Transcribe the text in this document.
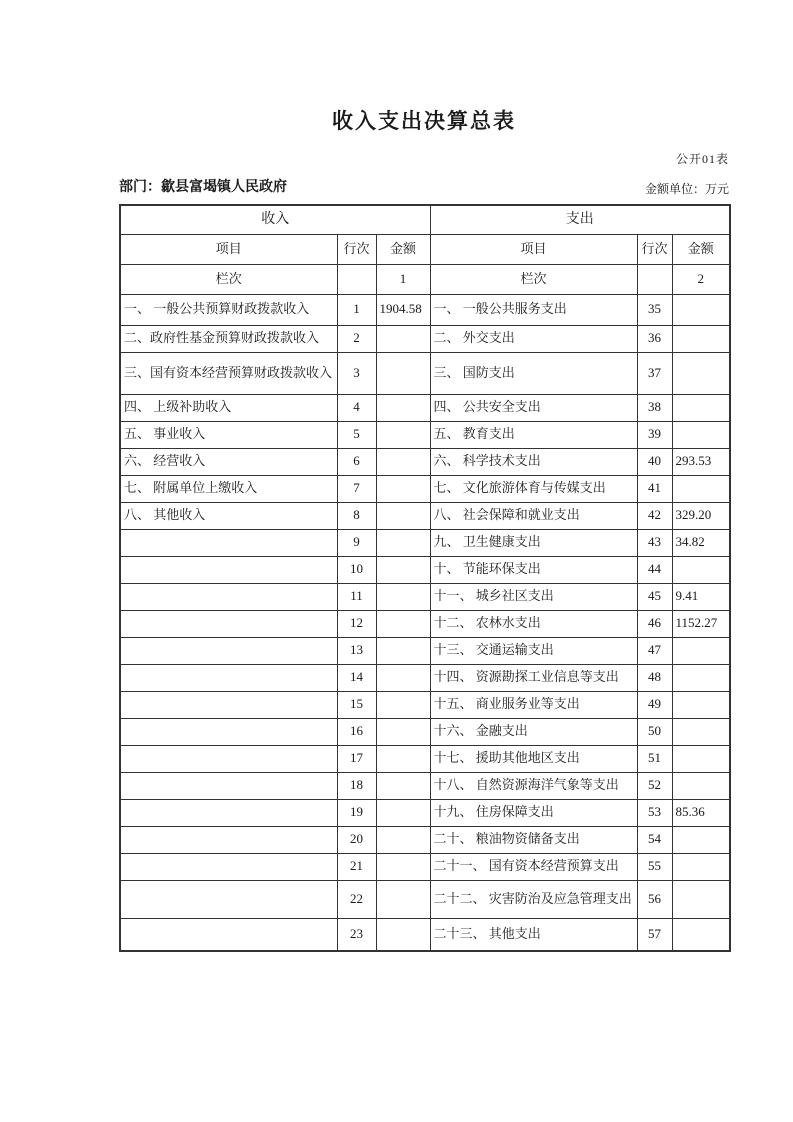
收入支出决算总表
公开01表
部门：歙县富堨镇人民政府	金额单位：万元
收入			支出		
项目	行次	金额	项目	行次	金额
栏次		1	栏次		2
一、 一般公共预算财政拨款收入	1	1904.58	一、 一般公共服务支出	35	
二、政府性基金预算财政拨款收入	2		二、 外交支出	36	
三、国有资本经营预算财政拨款收入	3		三、 国防支出	37	
四、 上级补助收入	4		四、 公共安全支出	38	
五、 事业收入	5		五、 教育支出	39	
六、 经营收入	6		六、 科学技术支出	40	293.53
七、 附属单位上缴收入	7		七、 文化旅游体育与传媒支出	41	
八、 其他收入	8		八、 社会保障和就业支出	42	329.20
	9		九、 卫生健康支出	43	34.82
	10		十、 节能环保支出	44	
	11		十一、 城乡社区支出	45	9.41
	12		十二、 农林水支出	46	1152.27
	13		十三、 交通运输支出	47	
	14		十四、 资源勘探工业信息等支出	48	
	15		十五、 商业服务业等支出	49	
	16		十六、 金融支出	50	
	17		十七、 援助其他地区支出	51	
	18		十八、 自然资源海洋气象等支出	52	
	19		十九、 住房保障支出	53	85.36
	20		二十、 粮油物资储备支出	54	
	21		二十一、 国有资本经营预算支出	55	
	22		二十二、 灾害防治及应急管理支出	56	
	23		二十三、 其他支出	57	
